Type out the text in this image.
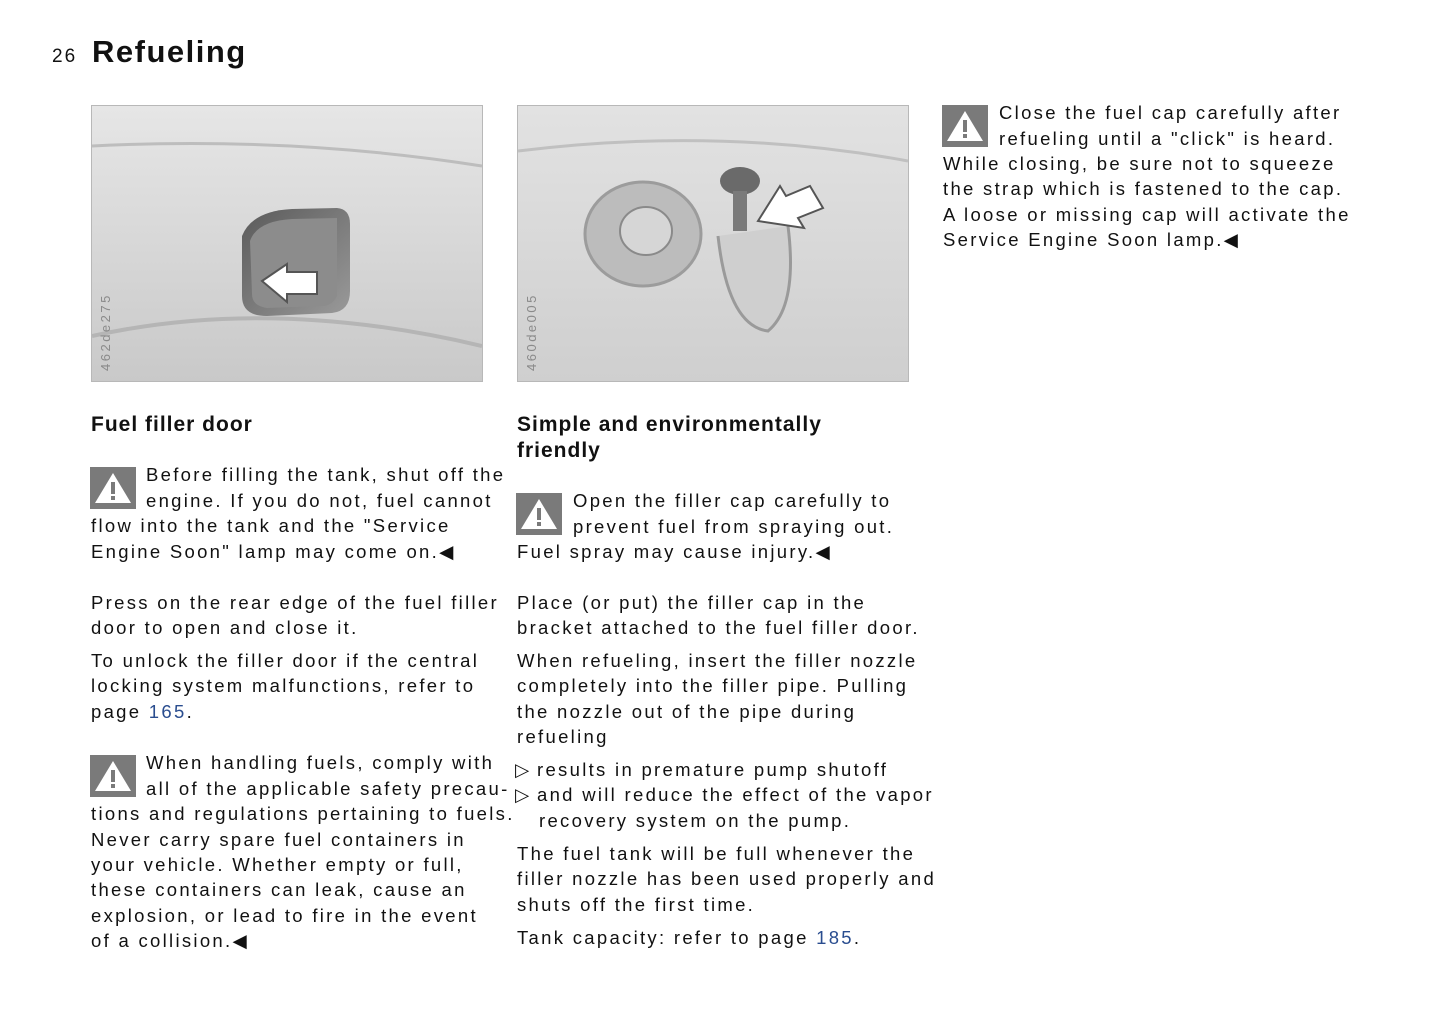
26 Refueling
462de275	460de005
Fuel filler door

Before filling the tank, shut off the

engine. If you do not, fuel cannot

flow into the tank and the "Service

Engine Soon" lamp may come on.◀

Press on the rear edge of the fuel filler

door to open and close it.

To unlock the filler door if the central

locking system malfunctions, refer to

page 165.

When handling fuels, comply with

all of the applicable safety precau-

tions and regulations pertaining to fuels.

Never carry spare fuel containers in

your vehicle. Whether empty or full,

these containers can leak, cause an

explosion, or lead to fire in the event

of a collision.◀

Simple and environmentally
friendly

Open the filler cap carefully to

prevent fuel from spraying out.

Fuel spray may cause injury.◀

Place (or put) the filler cap in the

bracket attached to the fuel filler door.

When refueling, insert the filler nozzle

completely into the filler pipe. Pulling

the nozzle out of the pipe during

refueling

▷ results in premature pump shutoff

▷ and will reduce the effect of the vapor

recovery system on the pump.

The fuel tank will be full whenever the

filler nozzle has been used properly and

shuts off the first time.

Tank capacity: refer to page 185.

Close the fuel cap carefully after

refueling until a "click" is heard.

While closing, be sure not to squeeze

the strap which is fastened to the cap.

A loose or missing cap will activate the

Service Engine Soon lamp.◀
